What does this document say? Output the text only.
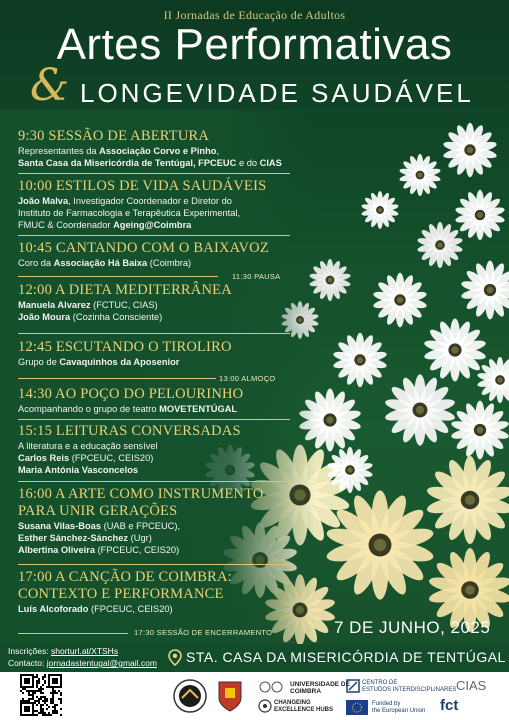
II Jornadas de Educação de Adultos
Artes Performativas
& LONGEVIDADE SAUDÁVEL
9:30 SESSÃO DE ABERTURA
Representantes da Associação Corvo e Pinho,
Santa Casa da Misericórdia de Tentúgal, FPCEUC e do CIAS
10:00 ESTILOS DE VIDA SAUDÁVEIS
João Malva, Investigador Coordenador e Diretor do
Instituto de Farmacologia e Terapêutica Experimental,
FMUC & Coordenador Ageing@Coimbra
10:45 CANTANDO COM O BAIXAVOZ
Coro da Associação Há Baixa (Coimbra)
11:30 PAUSA
12:00 A DIETA MEDITERRÂNEA
Manuela Alvarez (FCTUC, CIAS)
João Moura (Cozinha Consciente)
12:45 ESCUTANDO O TIROLIRO
Grupo de Cavaquinhos da Aposenior
13:00 ALMOÇO
14:30 AO POÇO DO PELOURINHO
Acompanhando o grupo de teatro MOVETENTÚGAL
15:15 LEITURAS CONVERSADAS
A literatura e a educação sensível
Carlos Reis (FPCEUC, CEIS20)
Maria Antónia Vasconcelos
16:00 A ARTE COMO INSTRUMENTO
PARA UNIR GERAÇÕES
Susana Vilas-Boas (UAB e FPCEUC),
Esther Sánchez-Sánchez (Ugr)
Albertina Oliveira (FPCEUC, CEIS20)
17:00 A CANÇÃO DE COIMBRA:
CONTEXTO E PERFORMANCE
Luís Alcoforado (FPCEUC, CEIS20)
17:30 SESSÃO DE ENCERRAMENTO	7 DE JUNHO, 2025
Inscrições: shorturl.at/XTSHs
Contacto: jornadastentugal@gmail.com STA. CASA DA MISERICÓRDIA DE TENTÚGAL
UNIVERSIDADE DE
COIMBRA
CENTRO DE
ESTUDOS INTERDISCIPLINARES CIAS
CHANGEING
EXCELLENCE HUBS
Funded by
the European Union fct
